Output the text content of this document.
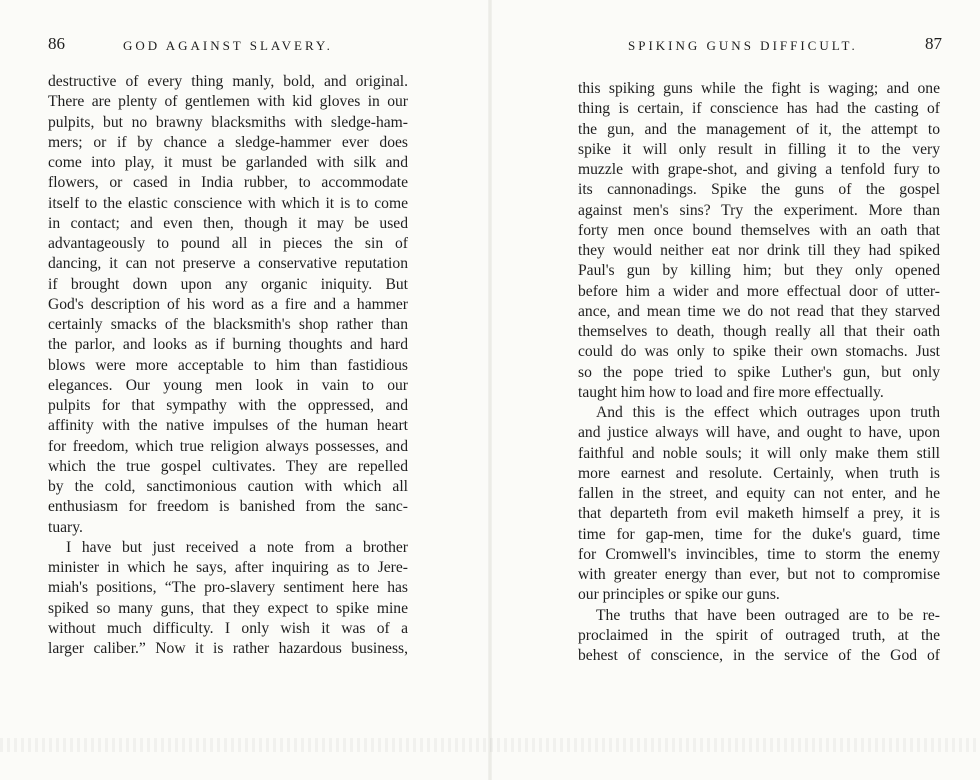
86	GOD AGAINST SLAVERY.
destructive of every thing manly, bold, and original.
There are plenty of gentlemen with kid gloves in our
pulpits, but no brawny blacksmiths with sledge-ham-
mers; or if by chance a sledge-hammer ever does
come into play, it must be garlanded with silk and
flowers, or cased in India rubber, to accommodate
itself to the elastic conscience with which it is to come
in contact; and even then, though it may be used
advantageously to pound all in pieces the sin of
dancing, it can not preserve a conservative reputation
if brought down upon any organic iniquity. But
God's description of his word as a fire and a hammer
certainly smacks of the blacksmith's shop rather than
the parlor, and looks as if burning thoughts and hard
blows were more acceptable to him than fastidious
elegances. Our young men look in vain to our
pulpits for that sympathy with the oppressed, and
affinity with the native impulses of the human heart
for freedom, which true religion always possesses, and
which the true gospel cultivates. They are repelled
by the cold, sanctimonious caution with which all
enthusiasm for freedom is banished from the sanc-
tuary.
I have but just received a note from a brother
minister in which he says, after inquiring as to Jere-
miah's positions, “The pro-slavery sentiment here has
spiked so many guns, that they expect to spike mine
without much difficulty. I only wish it was of a
larger caliber.” Now it is rather hazardous business,
SPIKING GUNS DIFFICULT.	87
this spiking guns while the fight is waging; and one
thing is certain, if conscience has had the casting of
the gun, and the management of it, the attempt to
spike it will only result in filling it to the very
muzzle with grape-shot, and giving a tenfold fury to
its cannonadings. Spike the guns of the gospel
against men's sins? Try the experiment. More than
forty men once bound themselves with an oath that
they would neither eat nor drink till they had spiked
Paul's gun by killing him; but they only opened
before him a wider and more effectual door of utter-
ance, and mean time we do not read that they starved
themselves to death, though really all that their oath
could do was only to spike their own stomachs. Just
so the pope tried to spike Luther's gun, but only
taught him how to load and fire more effectually.
And this is the effect which outrages upon truth
and justice always will have, and ought to have, upon
faithful and noble souls; it will only make them still
more earnest and resolute. Certainly, when truth is
fallen in the street, and equity can not enter, and he
that departeth from evil maketh himself a prey, it is
time for gap-men, time for the duke's guard, time
for Cromwell's invincibles, time to storm the enemy
with greater energy than ever, but not to compromise
our principles or spike our guns.
The truths that have been outraged are to be re-
proclaimed in the spirit of outraged truth, at the
behest of conscience, in the service of the God of
